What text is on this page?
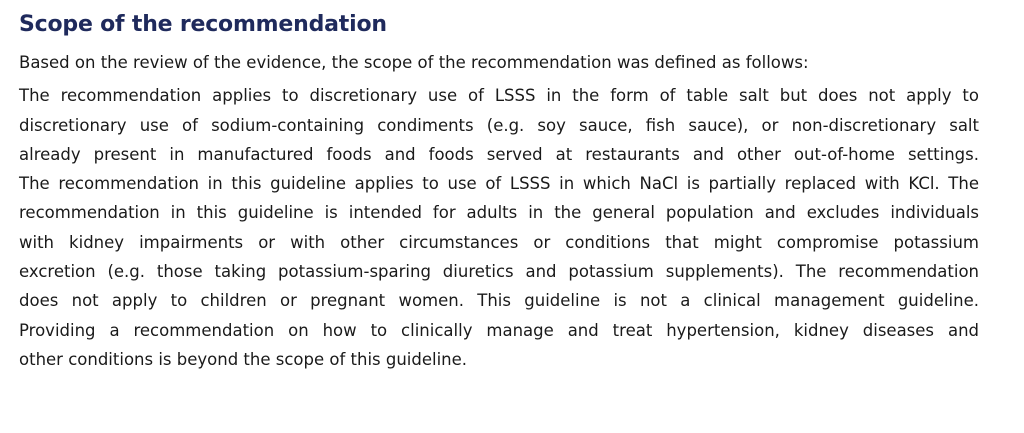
Scope of the recommendation

Based on the review of the evidence, the scope of the recommendation was defined as follows:

The recommendation applies to discretionary use of LSSS in the form of table salt but does not apply to
discretionary use of sodium-containing condiments (e.g. soy sauce, fish sauce), or non-discretionary salt
already present in manufactured foods and foods served at restaurants and other out-of-home settings.
The recommendation in this guideline applies to use of LSSS in which NaCl is partially replaced with KCl. The
recommendation in this guideline is intended for adults in the general population and excludes individuals
with kidney impairments or with other circumstances or conditions that might compromise potassium
excretion (e.g. those taking potassium-sparing diuretics and potassium supplements). The recommendation
does not apply to children or pregnant women. This guideline is not a clinical management guideline.
Providing a recommendation on how to clinically manage and treat hypertension, kidney diseases and
other conditions is beyond the scope of this guideline.
